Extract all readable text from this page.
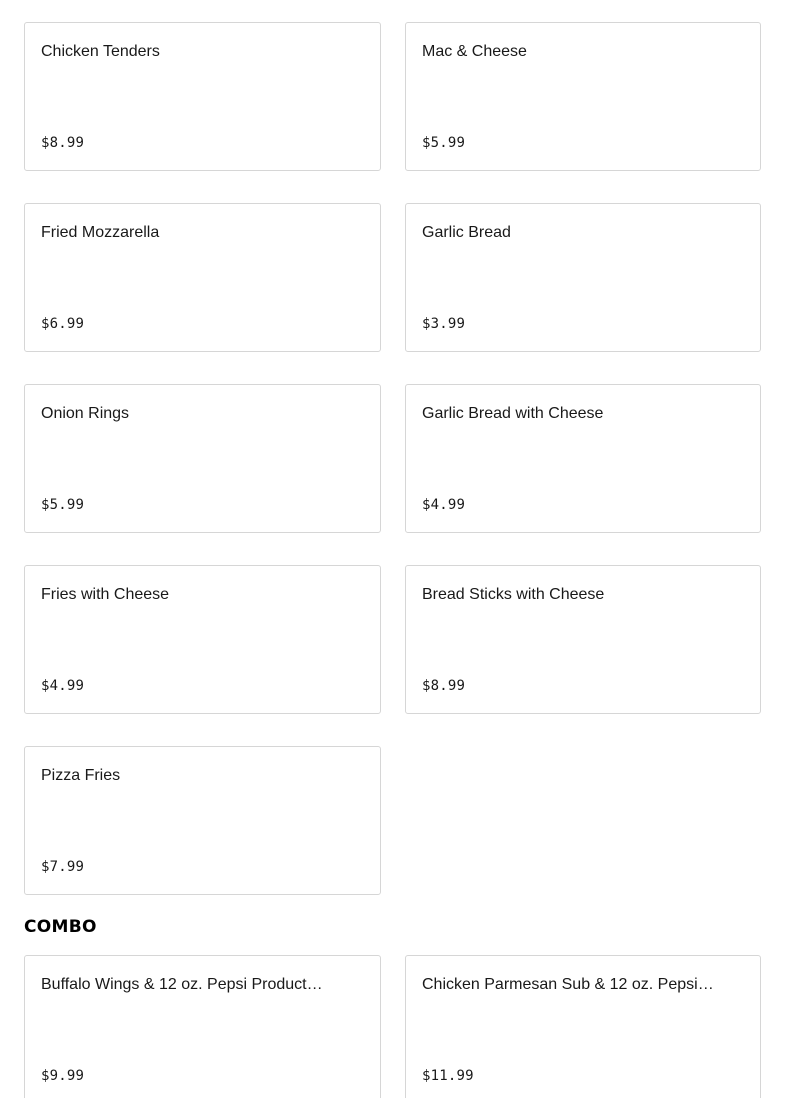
Chicken Tenders
$8.99
Mac & Cheese
$5.99
Fried Mozzarella
$6.99
Garlic Bread
$3.99
Onion Rings
$5.99
Garlic Bread with Cheese
$4.99
Fries with Cheese
$4.99
Bread Sticks with Cheese
$8.99
Pizza Fries
$7.99
COMBO
Buffalo Wings & 12 oz. Pepsi Product…
$9.99
Chicken Parmesan Sub & 12 oz. Pepsi…
$11.99
